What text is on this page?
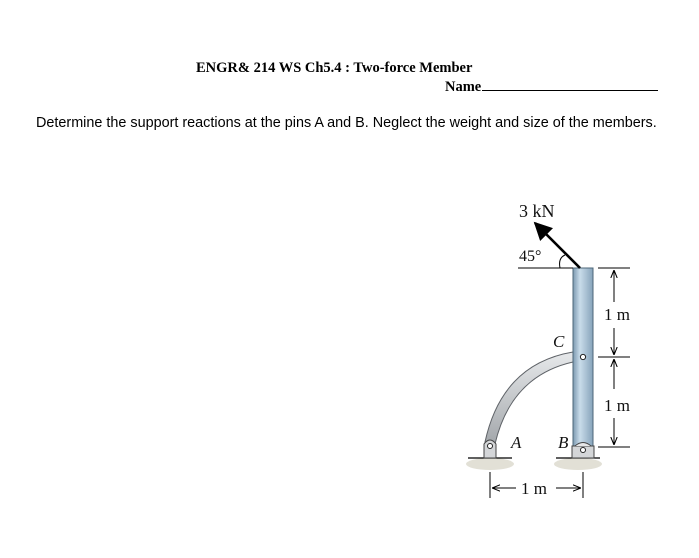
ENGR& 214 WS Ch5.4 : Two-force Member
Name
Determine the support reactions at the pins A and B. Neglect the weight and size of the members.
3 kN
45°
C
A B
1 m
1 m
1 m
